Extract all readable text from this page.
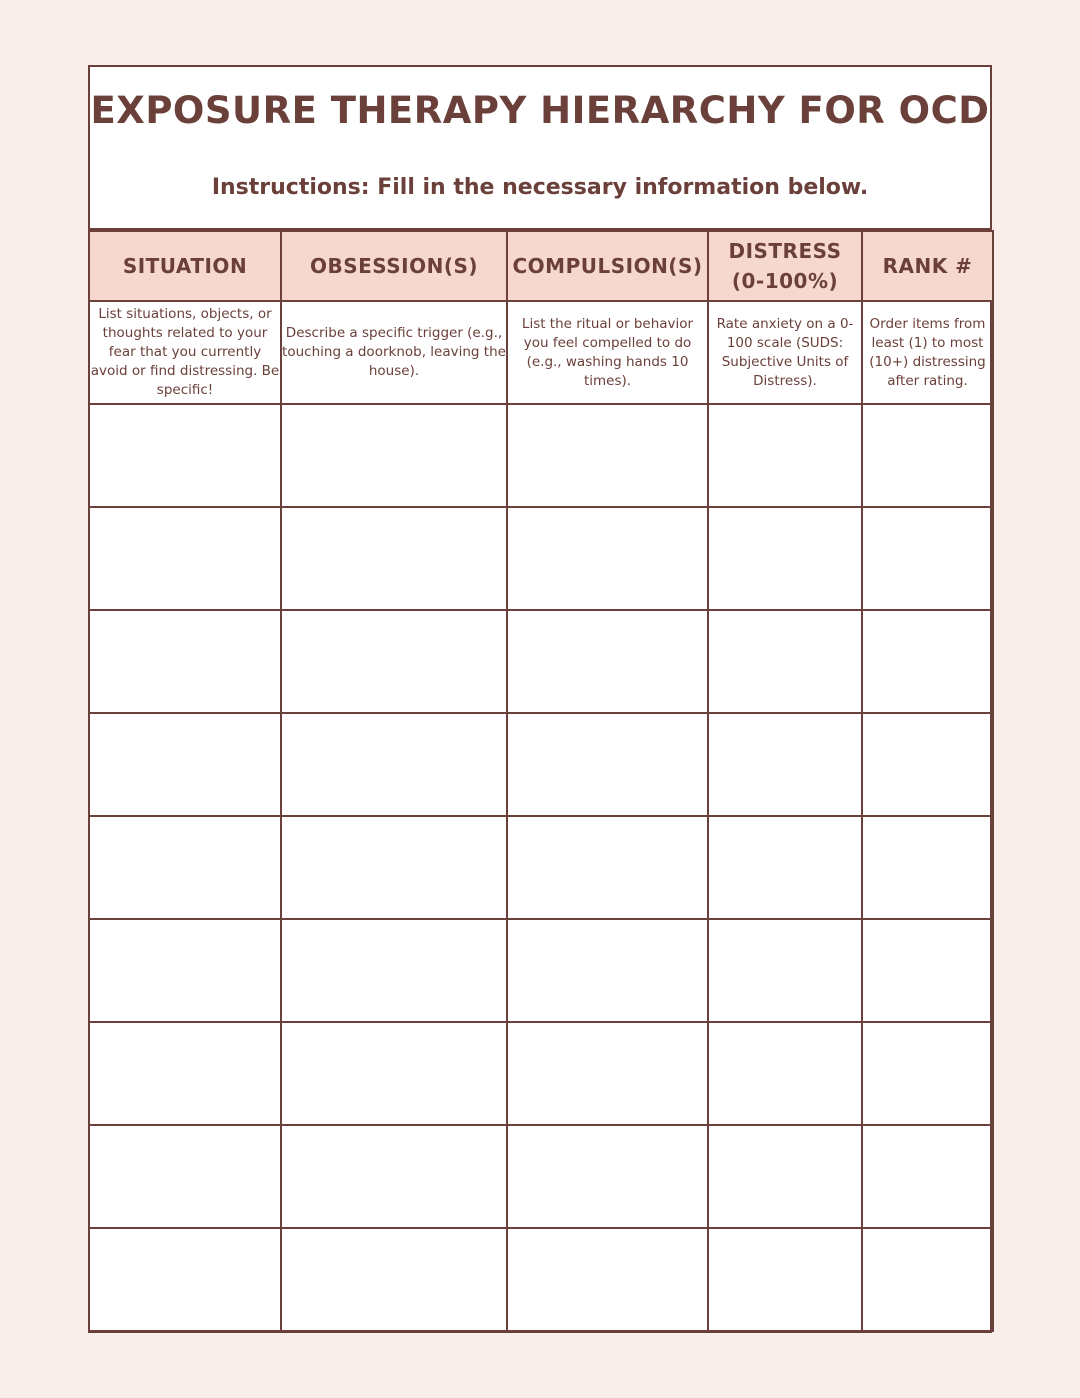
EXPOSURE THERAPY HIERARCHY FOR OCD

Instructions: Fill in the necessary information below.

SITUATION	OBSESSION(S)	COMPULSION(S)	DISTRESS (0-100%)	RANK #
List situations, objects, or thoughts related to your fear that you currently avoid or find distressing. Be specific!	Describe a specific trigger (e.g., touching a doorknob, leaving the house).	List the ritual or behavior you feel compelled to do (e.g., washing hands 10 times).	Rate anxiety on a 0-100 scale (SUDS: Subjective Units of Distress).	Order items from least (1) to most (10+) distressing after rating.
